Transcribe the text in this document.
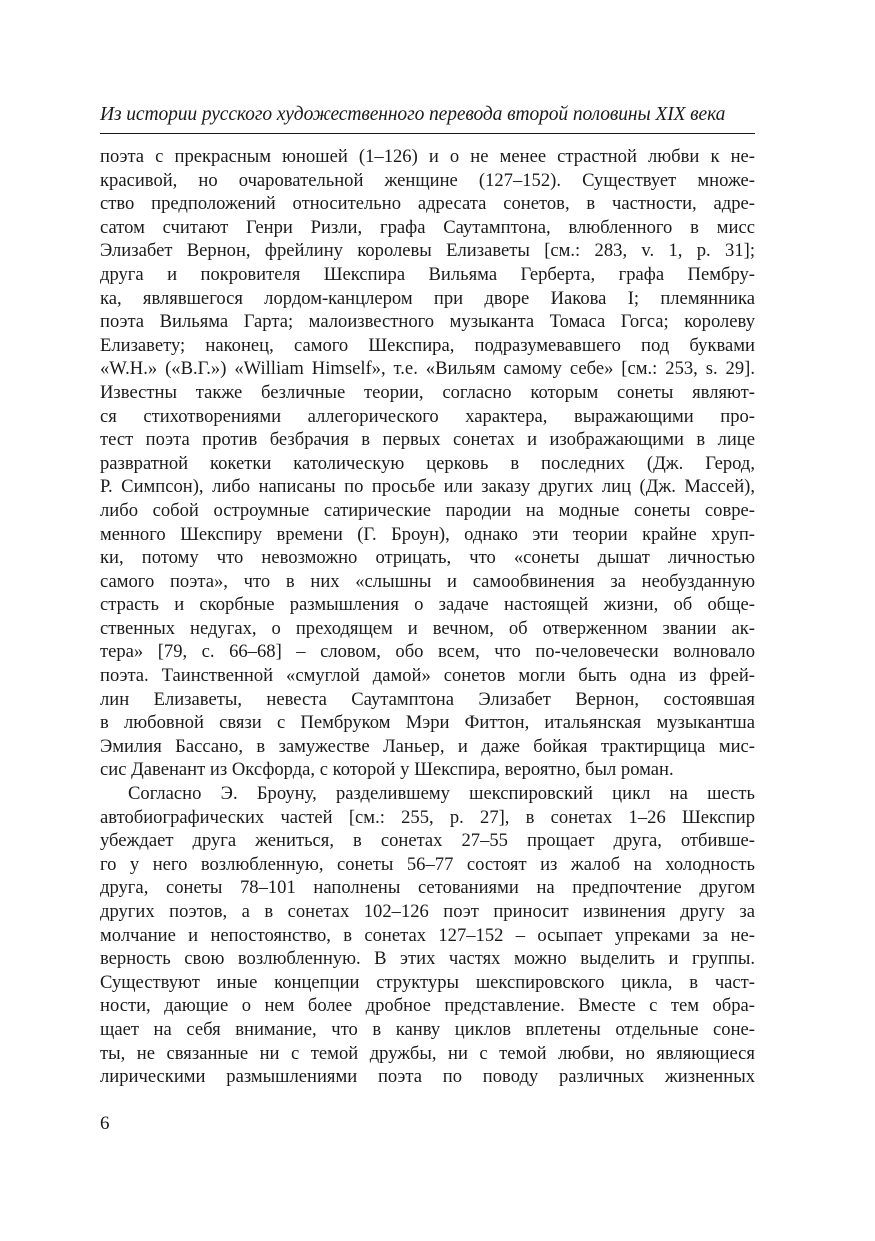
Из истории русского художественного перевода второй половины XIX века
поэта с прекрасным юношей (1–126) и о не менее страстной любви к не-
красивой, но очаровательной женщине (127–152). Существует множе-
ство предположений относительно адресата сонетов, в частности, адре-
сатом считают Генри Ризли, графа Саутамптона, влюбленного в мисс
Элизабет Вернон, фрейлину королевы Елизаветы [см.: 283, v. 1, p. 31];
друга и покровителя Шекспира Вильяма Герберта, графа Пембру-
ка, являвшегося лордом-канцлером при дворе Иакова I; племянника
поэта Вильяма Гарта; малоизвестного музыканта Томаса Гогса; королеву
Елизавету; наконец, самого Шекспира, подразумевавшего под буквами
«W.H.» («В.Г.») «William Himself», т.е. «Вильям самому себе» [см.: 253, s. 29].
Известны также безличные теории, согласно которым сонеты являют-
ся стихотворениями аллегорического характера, выражающими про-
тест поэта против безбрачия в первых сонетах и изображающими в лице
развратной кокетки католическую церковь в последних (Дж. Герод,
Р. Симпсон), либо написаны по просьбе или заказу других лиц (Дж. Массей),
либо собой остроумные сатирические пародии на модные сонеты совре-
менного Шекспиру времени (Г. Броун), однако эти теории крайне хруп-
ки, потому что невозможно отрицать, что «сонеты дышат личностью
самого поэта», что в них «слышны и самообвинения за необузданную
страсть и скорбные размышления о задаче настоящей жизни, об обще-
ственных недугах, о преходящем и вечном, об отверженном звании ак-
тера» [79, с. 66–68] – словом, обо всем, что по-человечески волновало
поэта. Таинственной «смуглой дамой» сонетов могли быть одна из фрей-
лин Елизаветы, невеста Саутамптона Элизабет Вернон, состоявшая
в любовной связи с Пембруком Мэри Фиттон, итальянская музыкантша
Эмилия Бассано, в замужестве Ланьер, и даже бойкая трактирщица мис-
сис Давенант из Оксфорда, с которой у Шекспира, вероятно, был роман.
Согласно Э. Броуну, разделившему шекспировский цикл на шесть
автобиографических частей [см.: 255, p. 27], в сонетах 1–26 Шекспир
убеждает друга жениться, в сонетах 27–55 прощает друга, отбивше-
го у него возлюбленную, сонеты 56–77 состоят из жалоб на холодность
друга, сонеты 78–101 наполнены сетованиями на предпочтение другом
других поэтов, а в сонетах 102–126 поэт приносит извинения другу за
молчание и непостоянство, в сонетах 127–152 – осыпает упреками за не-
верность свою возлюбленную. В этих частях можно выделить и группы.
Существуют иные концепции структуры шекспировского цикла, в част-
ности, дающие о нем более дробное представление. Вместе с тем обра-
щает на себя внимание, что в канву циклов вплетены отдельные соне-
ты, не связанные ни с темой дружбы, ни с темой любви, но являющиеся
лирическими размышлениями поэта по поводу различных жизненных
6
